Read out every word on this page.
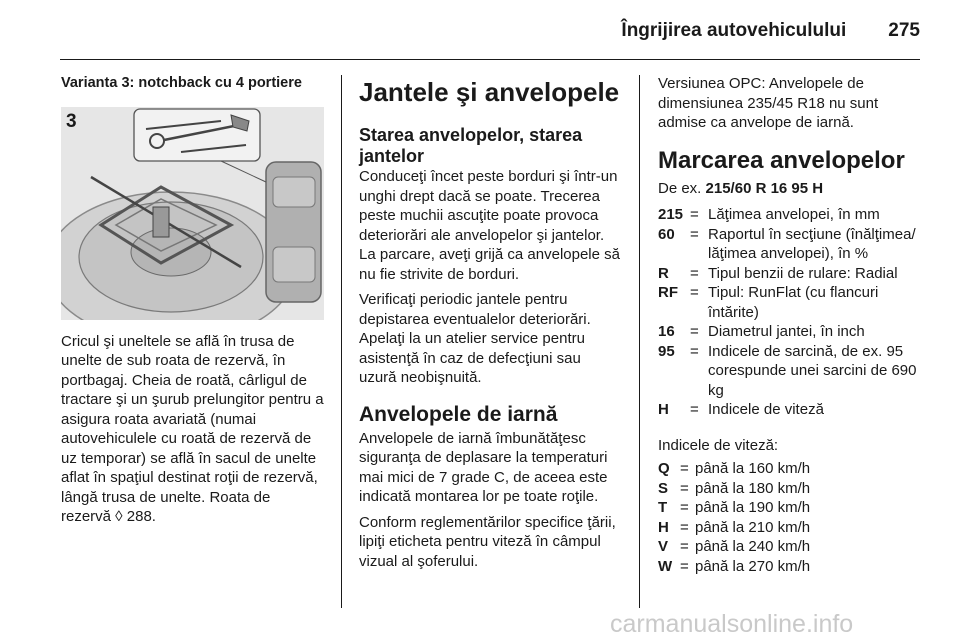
Îngrijirea autovehiculului 275

Varianta 3: notchback cu 4 portiere

3

Cricul şi uneltele se află în trusa de unelte de sub roata de rezervă, în portbagaj. Cheia de roată, cârligul de tractare şi un şurub prelungitor pentru a asigura roata avariată (numai autovehiculele cu roată de rezervă de uz temporar) se află în sacul de unelte aflat în spaţiul destinat roţii de rezervă, lângă trusa de unelte. Roata de rezervă ◊ 288.

Jantele şi anvelopele
Starea anvelopelor, starea jantelor

Conduceţi încet peste borduri şi într-un unghi drept dacă se poate. Trecerea peste muchii ascuţite poate provoca deteriorări ale anvelopelor şi jantelor. La parcare, aveţi grijă ca anvelopele să nu fie strivite de borduri.

Verificaţi periodic jantele pentru depistarea eventualelor deteriorări. Apelaţi la un atelier service pentru asistenţă în caz de defecţiuni sau uzură neobişnuită.

Anvelopele de iarnă

Anvelopele de iarnă îmbunătăţesc siguranţa de deplasare la temperaturi mai mici de 7 grade C, de aceea este indicată montarea lor pe toate roţile.

Conform reglementărilor specifice ţării, lipiţi eticheta pentru viteză în câmpul vizual al şoferului.

Versiunea OPC: Anvelopele de dimensiunea 235/45 R18 nu sunt admise ca anvelope de iarnă.

Marcarea anvelopelor

De ex. 215/60 R 16 95 H

215 = Lăţimea anvelopei, în mm
60	= Raportul în secţiune (înălţimea/ lăţimea anvelopei), în %
R	= Tipul benzii de rulare: Radial
RF = Tipul: RunFlat (cu flancuri întărite)
16	= Diametrul jantei, în inch
95	= Indicele de sarcină, de ex. 95 corespunde unei sarcini de 690 kg
H	= Indicele de viteză

Indicele de viteză:

Q = până la 160 km/h
S = până la 180 km/h
T = până la 190 km/h
H = până la 210 km/h
V = până la 240 km/h
W = până la 270 km/h
carmanualsonline.info
